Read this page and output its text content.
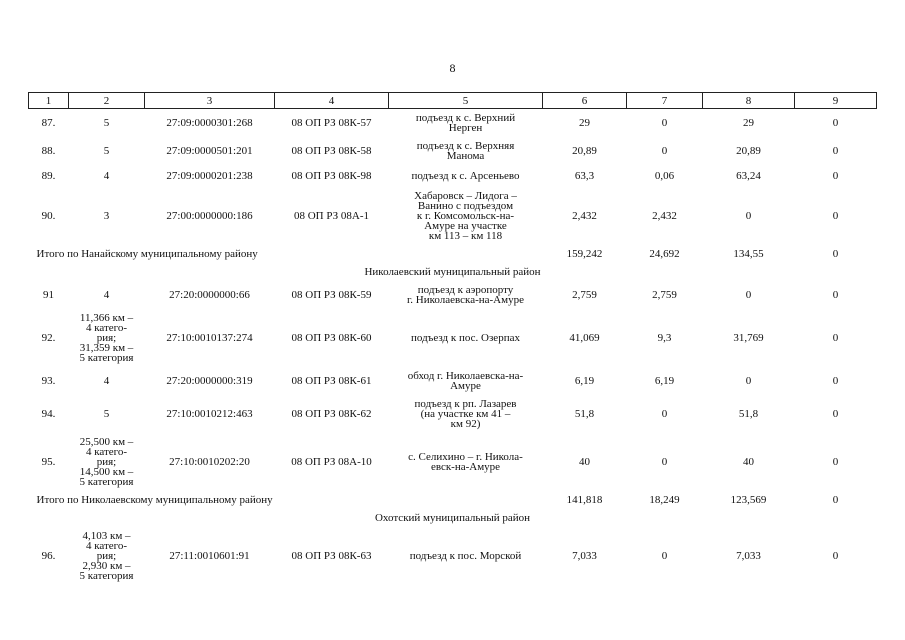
8
1	2	3	4	5	6	7	8	9
87.	5	27:09:0000301:268	08 ОП РЗ 08К-57	подъезд к с. Верхний
Нерген	29	0	29	0
88.	5	27:09:0000501:201	08 ОП РЗ 08К-58	подъезд к с. Верхняя
Манома	20,89	0	20,89	0
89.	4	27:09:0000201:238	08 ОП РЗ 08К-98	подъезд к с. Арсеньево	63,3	0,06	63,24	0
90.	3	27:00:0000000:186	08 ОП РЗ 08А-1	Хабаровск – Лидога –
Ванино с подъездом
к г. Комсомольск-на-
Амуре на участке
км 113 – км 118	2,432	2,432	0	0
Итого по Нанайскому муниципальному району					159,242	24,692	134,55	0
Николаевский муниципальный район								
91	4	27:20:0000000:66	08 ОП РЗ 08К-59	подъезд к аэропорту
г. Николаевска-на-Амуре	2,759	2,759	0	0
92.	11,366 км –
4 катего-
рия;
31,359 км –
5 категория	27:10:0010137:274	08 ОП РЗ 08К-60	подъезд к пос. Озерпах	41,069	9,3	31,769	0
93.	4	27:20:0000000:319	08 ОП РЗ 08К-61	обход г. Николаевска-на-
Амуре	6,19	6,19	0	0
94.	5	27:10:0010212:463	08 ОП РЗ 08К-62	подъезд к рп. Лазарев
(на участке км 41 –
км 92)	51,8	0	51,8	0
95.	25,500 км –
4 катего-
рия;
14,500 км –
5 категория	27:10:0010202:20	08 ОП РЗ 08А-10	с. Селихино – г. Никола-
евск-на-Амуре	40	0	40	0
Итого по Николаевскому муниципальному району					141,818	18,249	123,569	0
Охотский муниципальный район								
96.	4,103 км –
4 катего-
рия;
2,930 км –
5 категория	27:11:0010601:91	08 ОП РЗ 08К-63	подъезд к пос. Морской	7,033	0	7,033	0
